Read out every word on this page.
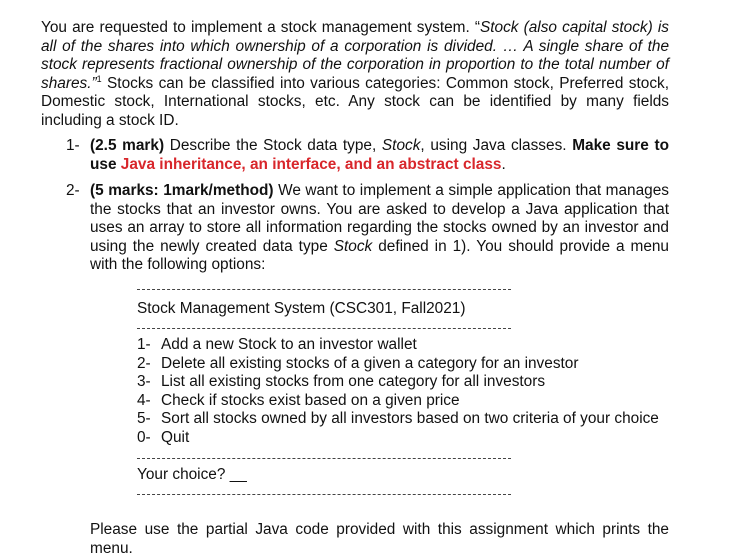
You are requested to implement a stock management system. “Stock (also capital stock) is all of the shares into which ownership of a corporation is divided. … A single share of the stock represents fractional ownership of the corporation in proportion to the total number of shares.”$^1$ Stocks can be classified into various categories: Common stock, Preferred stock, Domestic stock, International stocks, etc. Any stock can be identified by many fields including a stock ID.

1- (2.5 mark) Describe the Stock data type, Stock, using Java classes. Make sure to use Java inheritance, an interface, and an abstract class.
2- (5 marks: 1mark/method) We want to implement a simple application that manages the stocks that an investor owns. You are asked to develop a Java application that uses an array to store all information regarding the stocks owned by an investor and using the newly created data type Stock defined in 1). You should provide a menu with the following options:
Stock Management System (CSC301, Fall2021)
1- Add a new Stock to an investor wallet
2- Delete all existing stocks of a given a category for an investor
3- List all existing stocks from one category for all investors
4- Check if stocks exist based on a given price
5- Sort all stocks owned by all investors based on two criteria of your choice
0- Quit
Your choice? __

Please use the partial Java code provided with this assignment which prints the menu.
